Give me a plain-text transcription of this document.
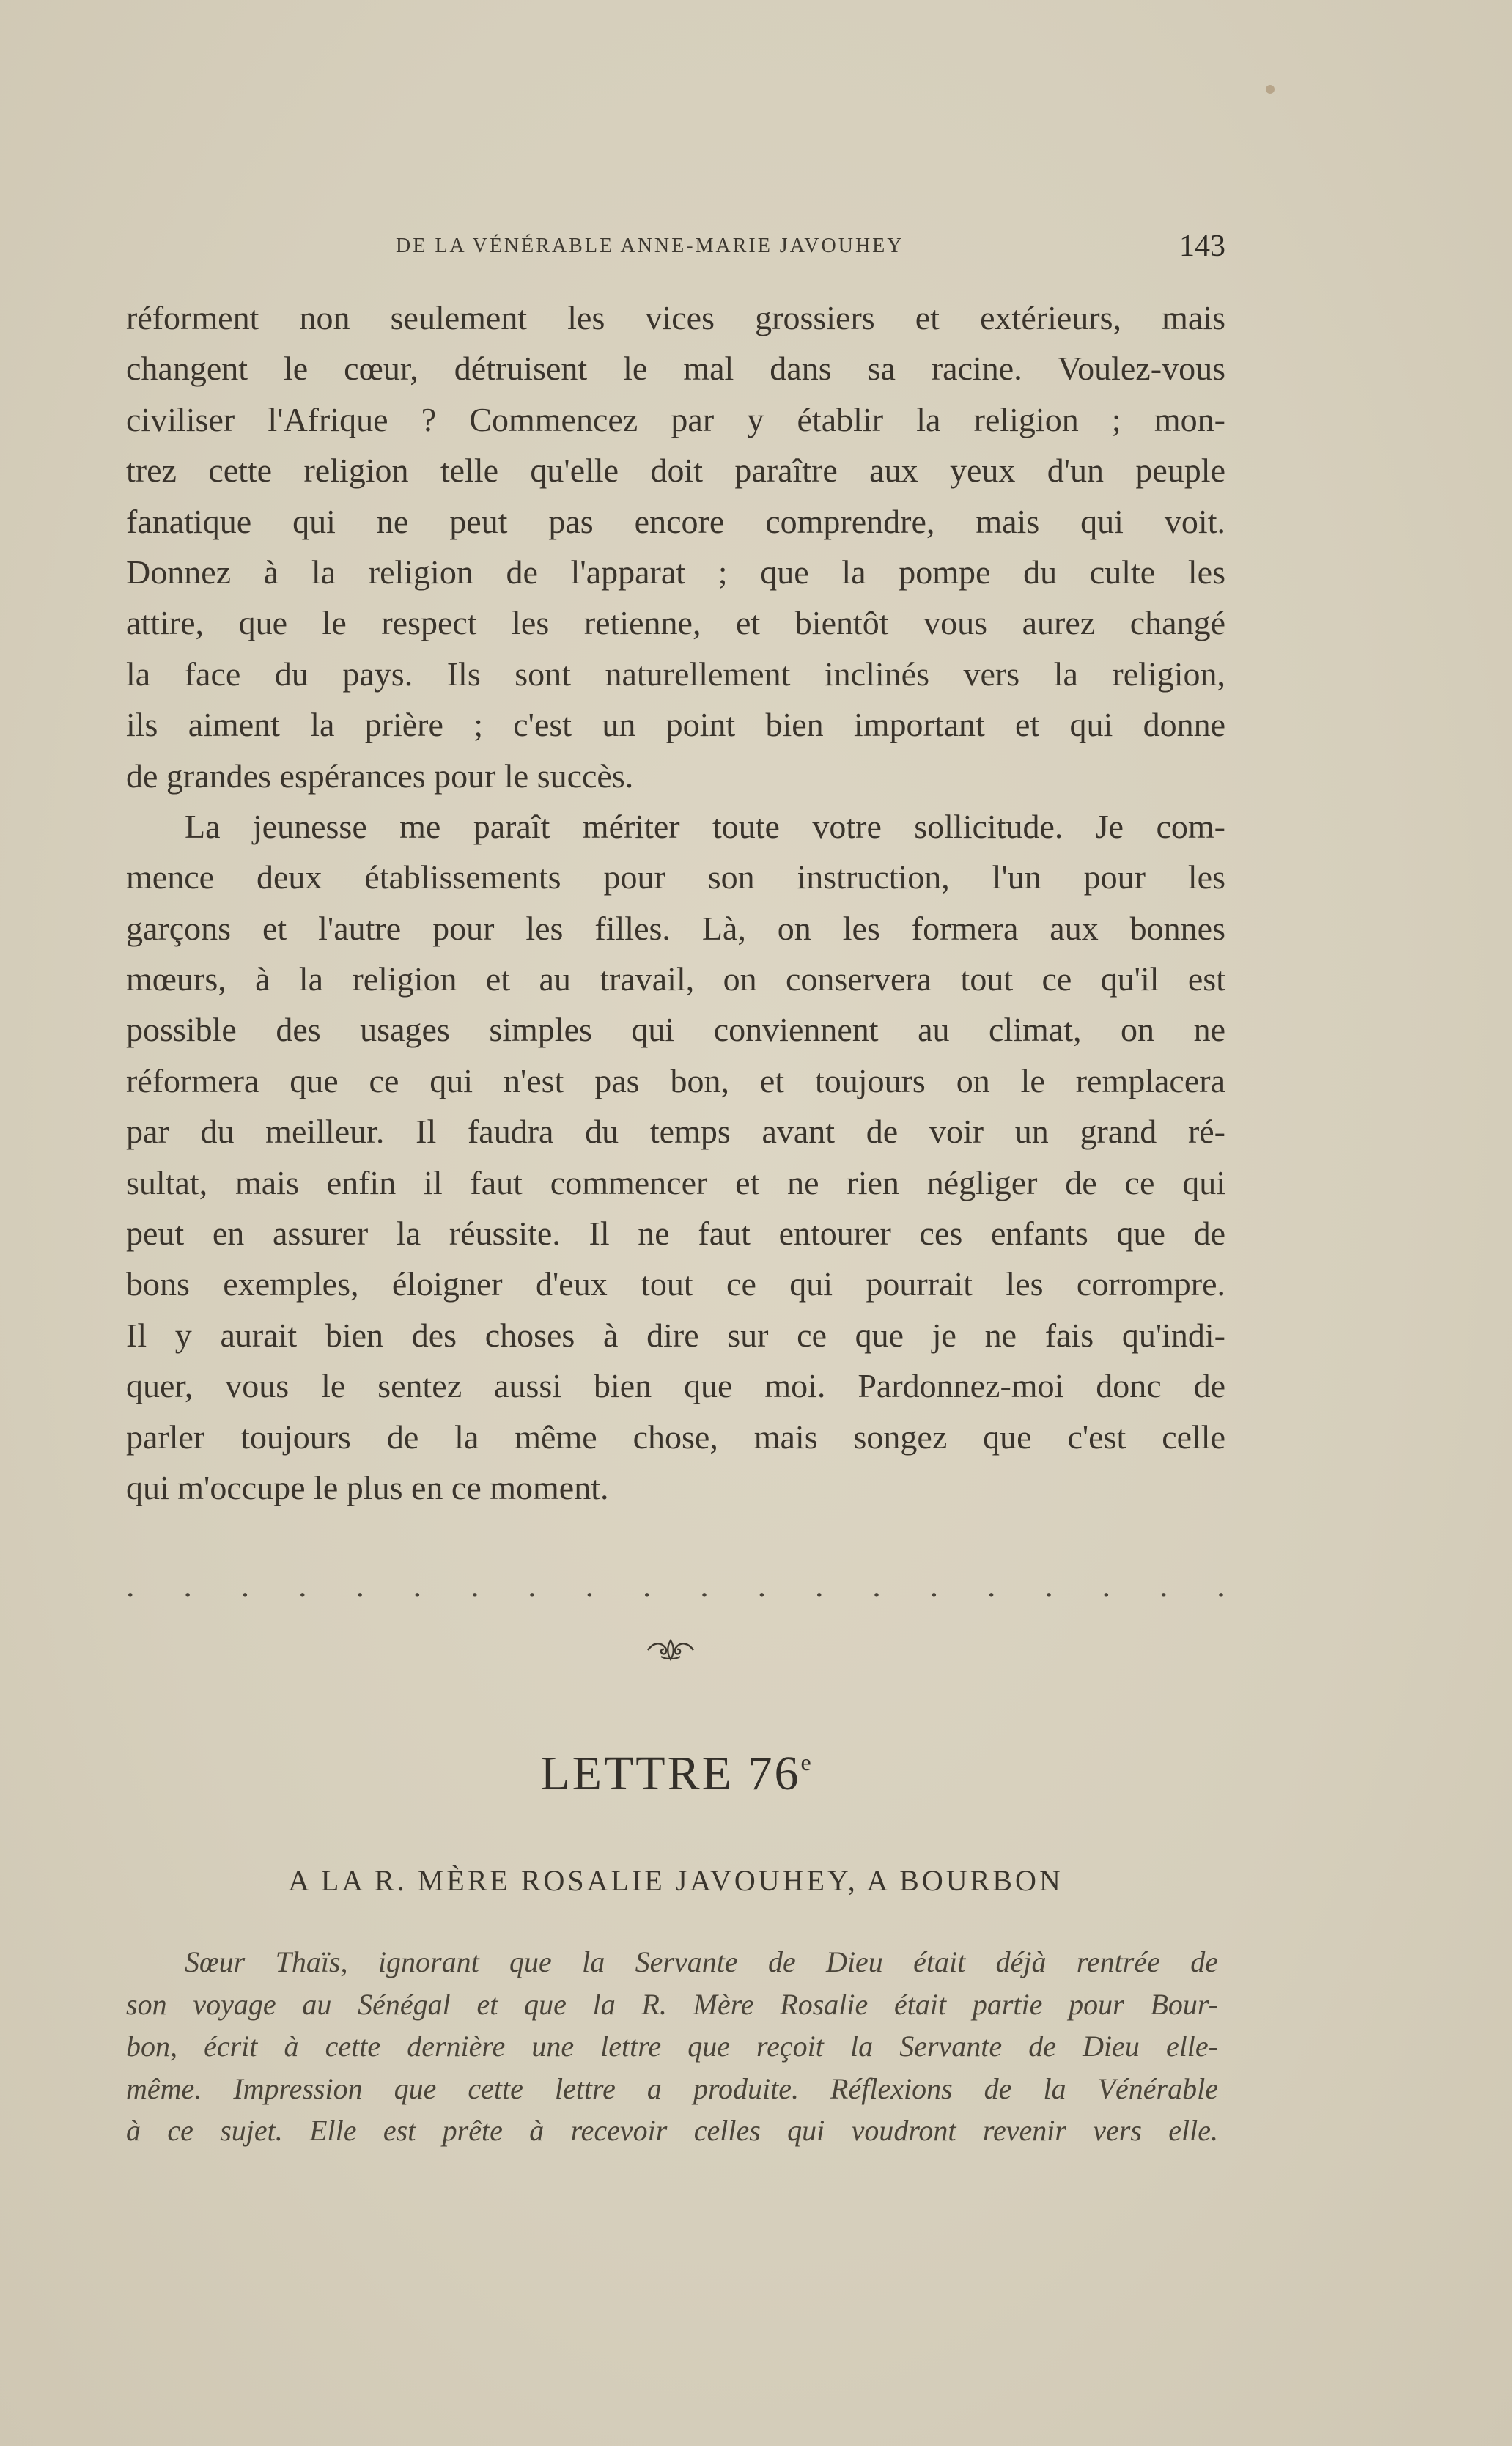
DE LA VÉNÉRABLE ANNE-MARIE JAVOUHEY	143
réforment non seulement les vices grossiers et extérieurs, mais
changent le cœur, détruisent le mal dans sa racine. Voulez-vous
civiliser l'Afrique ? Commencez par y établir la religion ; mon-
trez cette religion telle qu'elle doit paraître aux yeux d'un peuple
fanatique qui ne peut pas encore comprendre, mais qui voit.
Donnez à la religion de l'apparat ; que la pompe du culte les
attire, que le respect les retienne, et bientôt vous aurez changé
la face du pays. Ils sont naturellement inclinés vers la religion,
ils aiment la prière ; c'est un point bien important et qui donne
de grandes espérances pour le succès.
La jeunesse me paraît mériter toute votre sollicitude. Je com-
mence deux établissements pour son instruction, l'un pour les
garçons et l'autre pour les filles. Là, on les formera aux bonnes
mœurs, à la religion et au travail, on conservera tout ce qu'il est
possible des usages simples qui conviennent au climat, on ne
réformera que ce qui n'est pas bon, et toujours on le remplacera
par du meilleur. Il faudra du temps avant de voir un grand ré-
sultat, mais enfin il faut commencer et ne rien négliger de ce qui
peut en assurer la réussite. Il ne faut entourer ces enfants que de
bons exemples, éloigner d'eux tout ce qui pourrait les corrompre.
Il y aurait bien des choses à dire sur ce que je ne fais qu'indi-
quer, vous le sentez aussi bien que moi. Pardonnez-moi donc de
parler toujours de la même chose, mais songez que c'est celle
qui m'occupe le plus en ce moment.
. . . . . . . . . . . . . . . . . . . .
LETTRE 76e
A LA R. MÈRE ROSALIE JAVOUHEY, A BOURBON
Sœur Thaïs, ignorant que la Servante de Dieu était déjà rentrée de
son voyage au Sénégal et que la R. Mère Rosalie était partie pour Bour-
bon, écrit à cette dernière une lettre que reçoit la Servante de Dieu elle-
même. Impression que cette lettre a produite. Réflexions de la Vénérable
à ce sujet. Elle est prête à recevoir celles qui voudront revenir vers elle.
